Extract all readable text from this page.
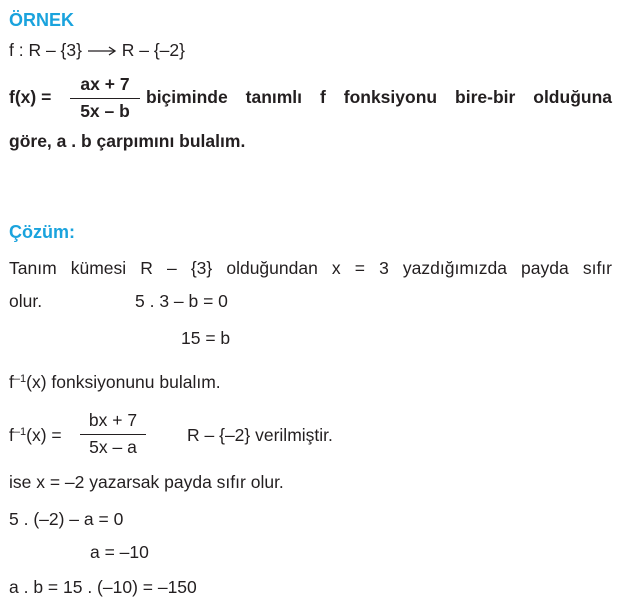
ÖRNEK
f : R – {3} R – {–2}
f(x) =
ax + 7
5x – b
biçiminde tanımlı f fonksiyonu bire-bir olduğuna
göre, a . b çarpımını bulalım.
Çözüm:
Tanım kümesi R – {3} olduğundan x = 3 yazdığımızda payda sıfır
olur.	5 . 3 – b = 0
15 = b
$f^{-1}(x)$ fonksiyonunu bulalım.
$f^{-1}(x)$ =
bx + 7
5x – a
R – {–2} verilmiştir.
ise x = –2 yazarsak payda sıfır olur.
5 . (–2) – a = 0
a = –10
a . b = 15 . (–10) = –150
